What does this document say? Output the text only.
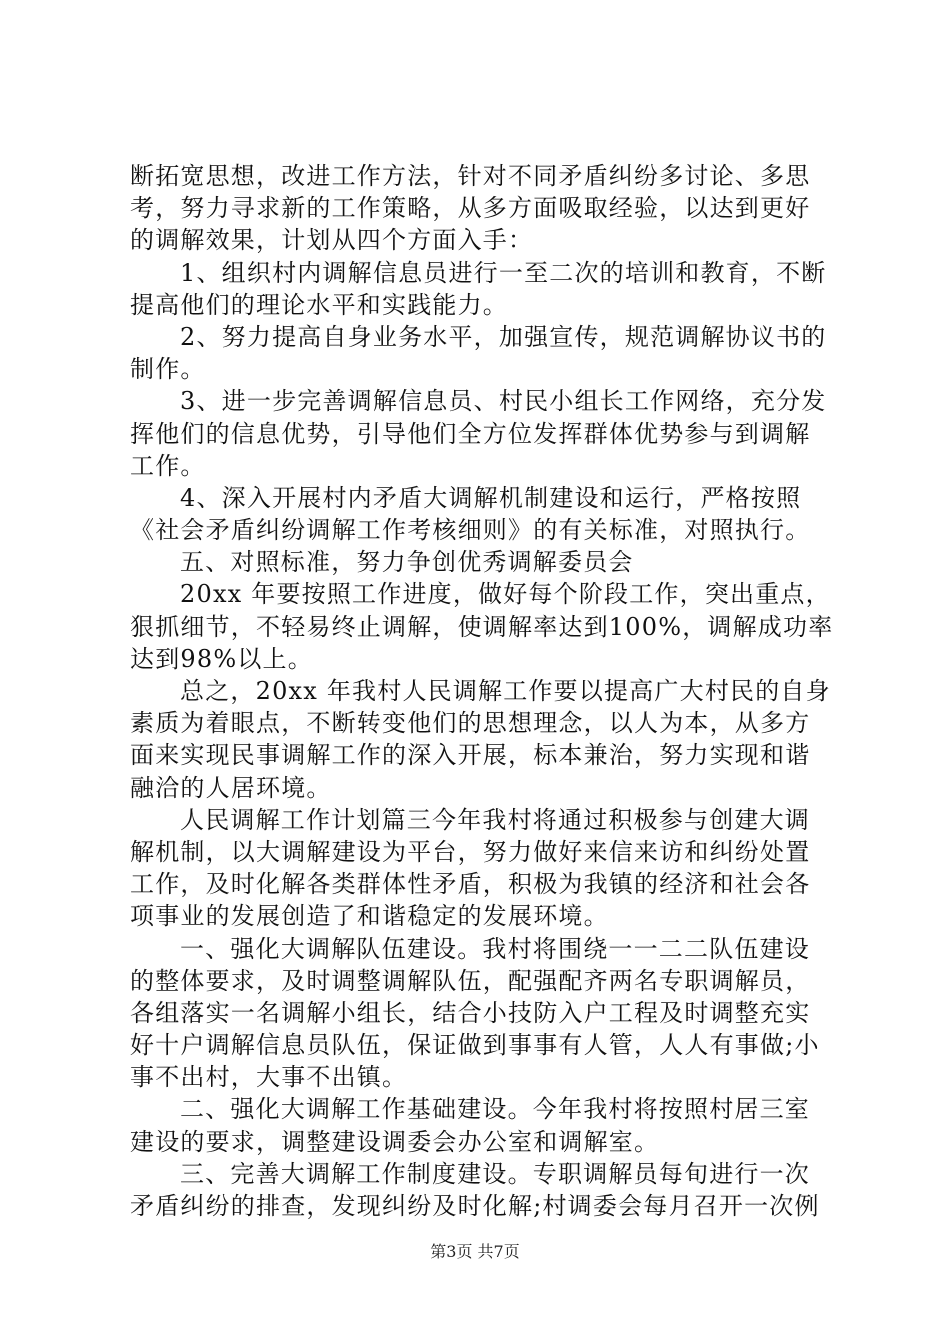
断拓宽思想，改进工作方法，针对不同矛盾纠纷多讨论、多思
考，努力寻求新的工作策略，从多方面吸取经验，以达到更好
的调解效果，计划从四个方面入手：
1、组织村内调解信息员进行一至二次的培训和教育，不断
提高他们的理论水平和实践能力。
2、努力提高自身业务水平，加强宣传，规范调解协议书的
制作。
3、进一步完善调解信息员、村民小组长工作网络，充分发
挥他们的信息优势，引导他们全方位发挥群体优势参与到调解
工作。
4、深入开展村内矛盾大调解机制建设和运行，严格按照
《社会矛盾纠纷调解工作考核细则》的有关标准，对照执行。
五、对照标准，努力争创优秀调解委员会
20xx 年要按照工作进度，做好每个阶段工作，突出重点，
狠抓细节，不轻易终止调解，使调解率达到100%，调解成功率
达到98%以上。
总之，20xx 年我村人民调解工作要以提高广大村民的自身
素质为着眼点，不断转变他们的思想理念，以人为本，从多方
面来实现民事调解工作的深入开展，标本兼治，努力实现和谐
融洽的人居环境。
人民调解工作计划篇三今年我村将通过积极参与创建大调
解机制，以大调解建设为平台，努力做好来信来访和纠纷处置
工作，及时化解各类群体性矛盾，积极为我镇的经济和社会各
项事业的发展创造了和谐稳定的发展环境。
一、强化大调解队伍建设。我村将围绕一一二二队伍建设
的整体要求，及时调整调解队伍，配强配齐两名专职调解员，
各组落实一名调解小组长，结合小技防入户工程及时调整充实
好十户调解信息员队伍，保证做到事事有人管，人人有事做;小
事不出村，大事不出镇。
二、强化大调解工作基础建设。今年我村将按照村居三室
建设的要求，调整建设调委会办公室和调解室。
三、完善大调解工作制度建设。专职调解员每旬进行一次
矛盾纠纷的排查，发现纠纷及时化解;村调委会每月召开一次例
第3页 共7页
